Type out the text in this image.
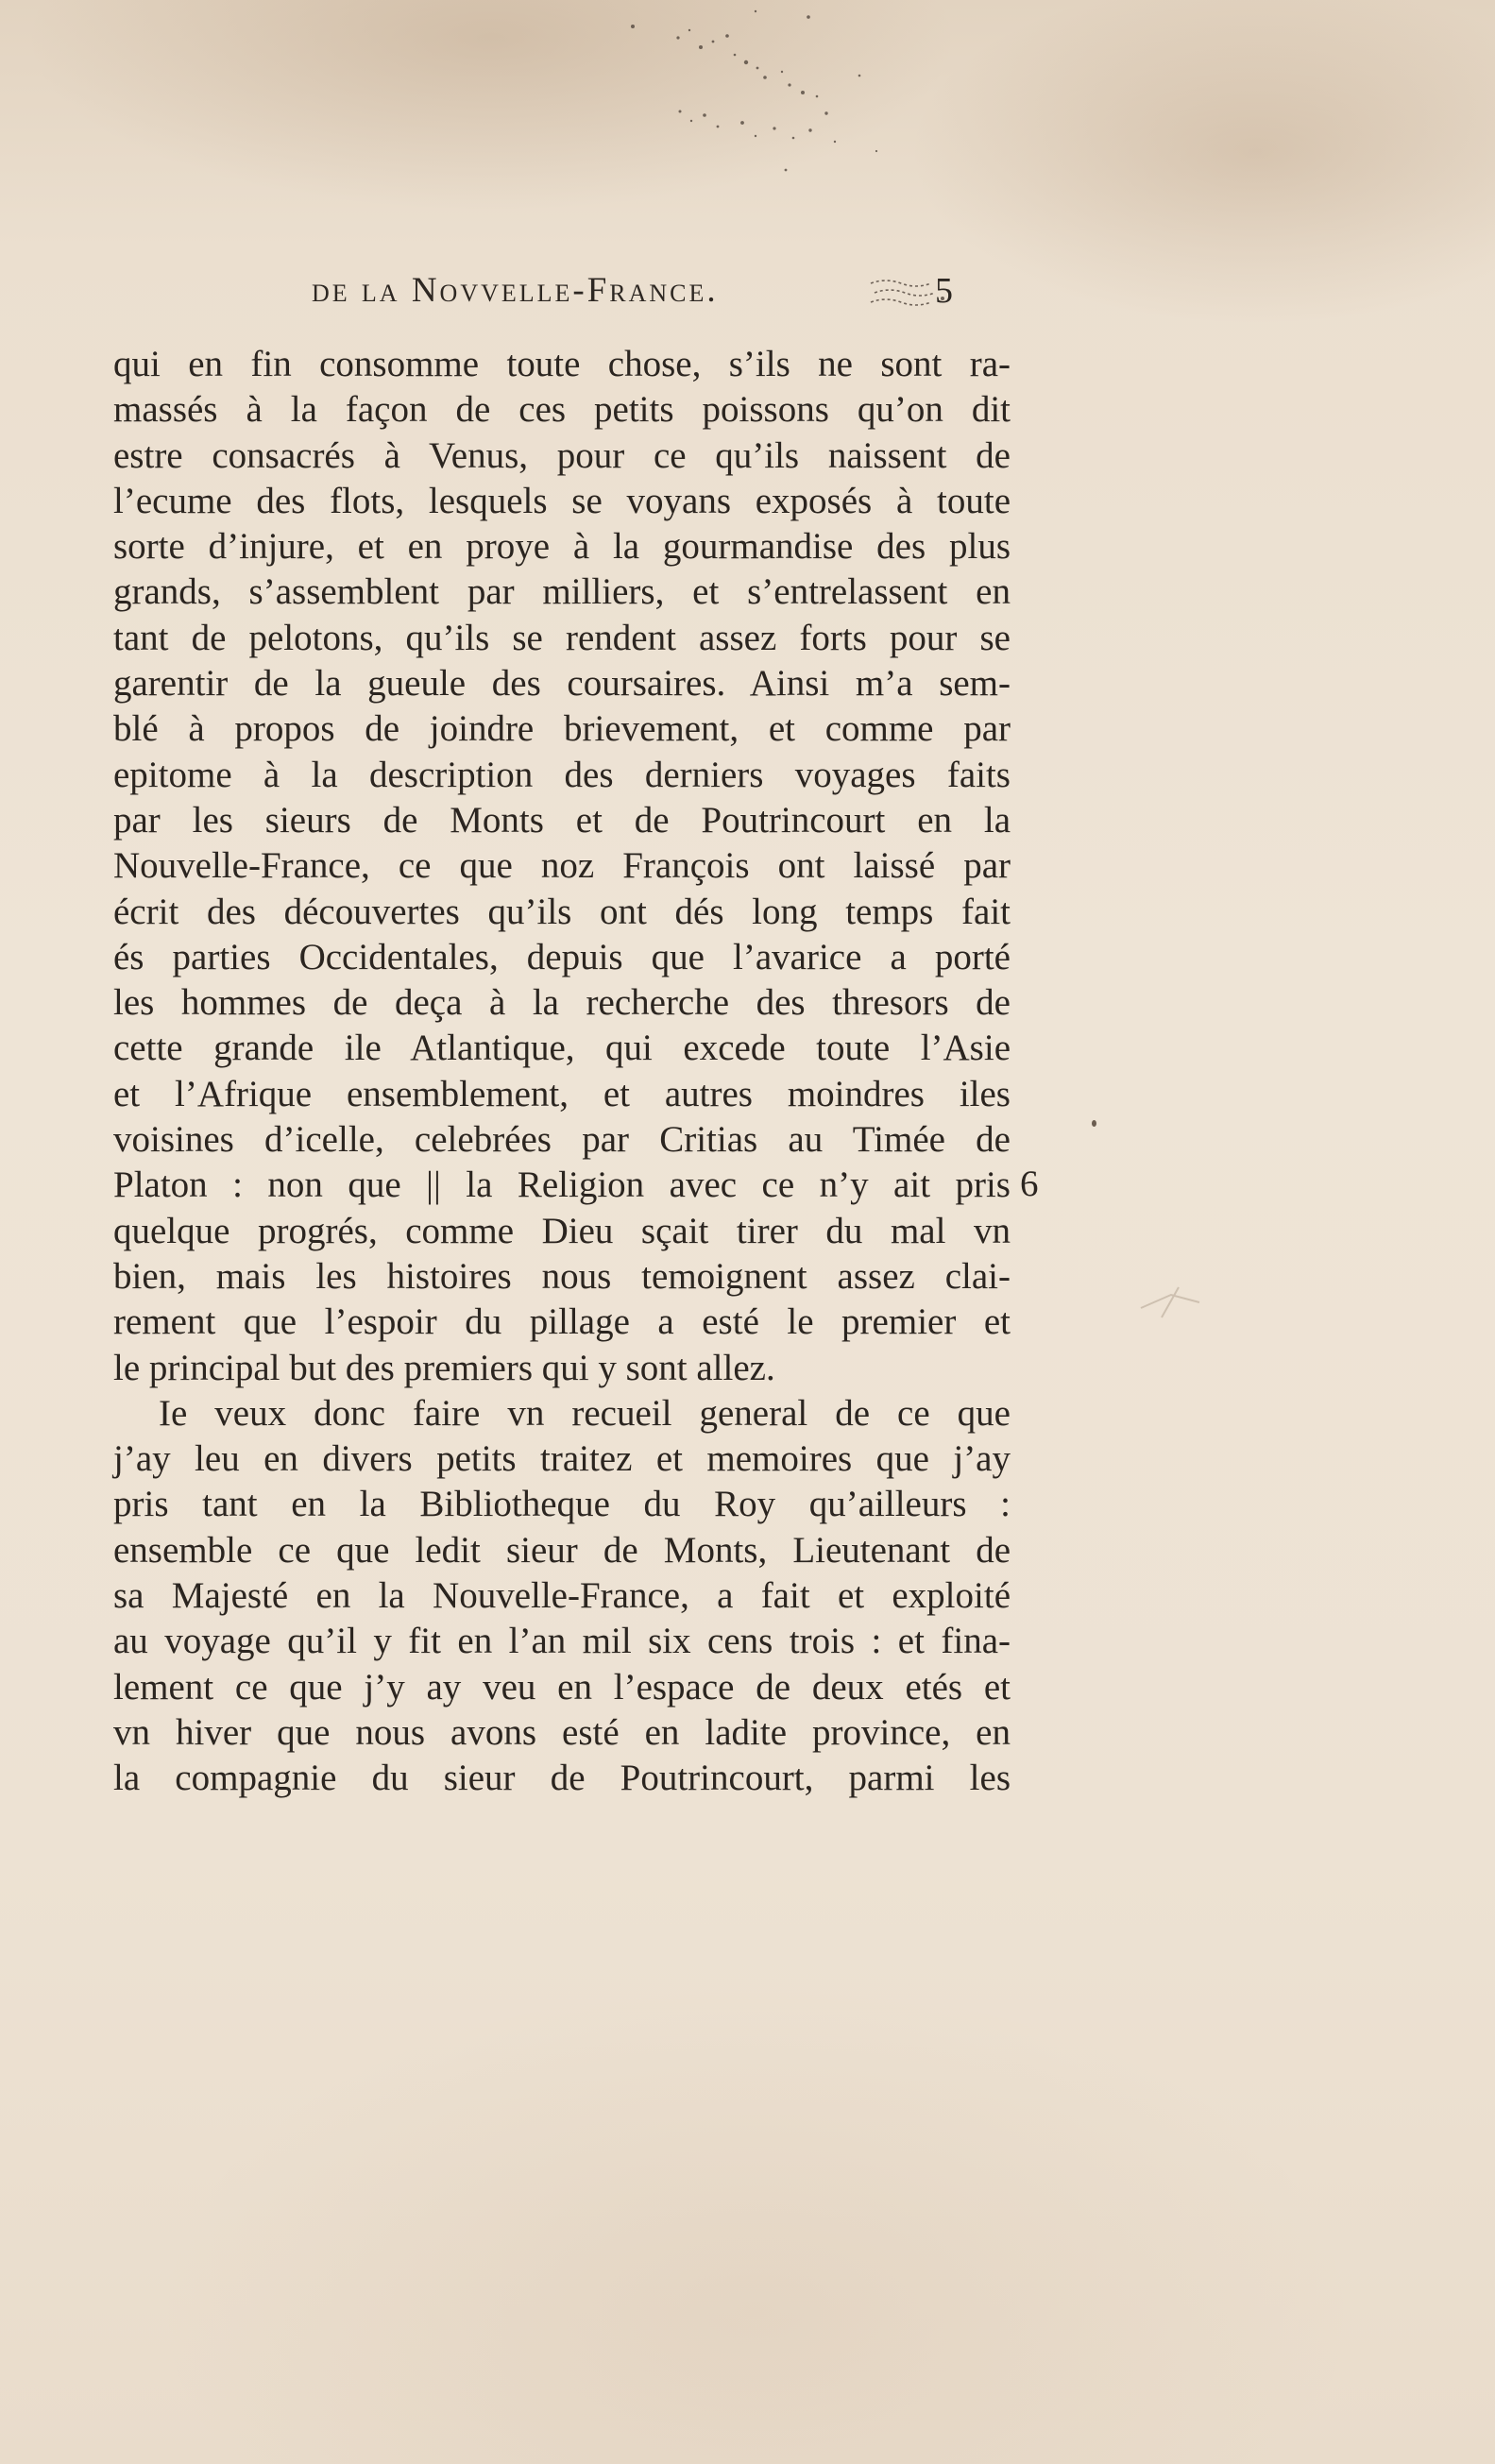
de la Novvelle-France.	5
qui en fin consomme toute chose, s’ils ne sont ra-
massés à la façon de ces petits poissons qu’on dit
estre consacrés à Venus, pour ce qu’ils naissent de
l’ecume des flots, lesquels se voyans exposés à toute
sorte d’injure, et en proye à la gourmandise des plus
grands, s’assemblent par milliers, et s’entrelassent en
tant de pelotons, qu’ils se rendent assez forts pour se
garentir de la gueule des coursaires. Ainsi m’a sem-
blé à propos de joindre brievement, et comme par
epitome à la description des derniers voyages faits
par les sieurs de Monts et de Poutrincourt en la
Nouvelle-France, ce que noz François ont laissé par
écrit des découvertes qu’ils ont dés long temps fait
és parties Occidentales, depuis que l’avarice a porté
les hommes de deça à la recherche des thresors de
cette grande ile Atlantique, qui excede toute l’Asie
et l’Afrique ensemblement, et autres moindres iles
voisines d’icelle, celebrées par Critias au Timée de
Platon : non que || la Religion avec ce n’y ait pris
quelque progrés, comme Dieu sçait tirer du mal vn
bien, mais les histoires nous temoignent assez clai-
rement que l’espoir du pillage a esté le premier et
le principal but des premiers qui y sont allez.
Ie veux donc faire vn recueil general de ce que
j’ay leu en divers petits traitez et memoires que j’ay
pris tant en la Bibliotheque du Roy qu’ailleurs :
ensemble ce que ledit sieur de Monts, Lieutenant de
sa Majesté en la Nouvelle-France, a fait et exploité
au voyage qu’il y fit en l’an mil six cens trois : et fina-
lement ce que j’y ay veu en l’espace de deux etés et
vn hiver que nous avons esté en ladite province, en
la compagnie du sieur de Poutrincourt, parmi les
6
